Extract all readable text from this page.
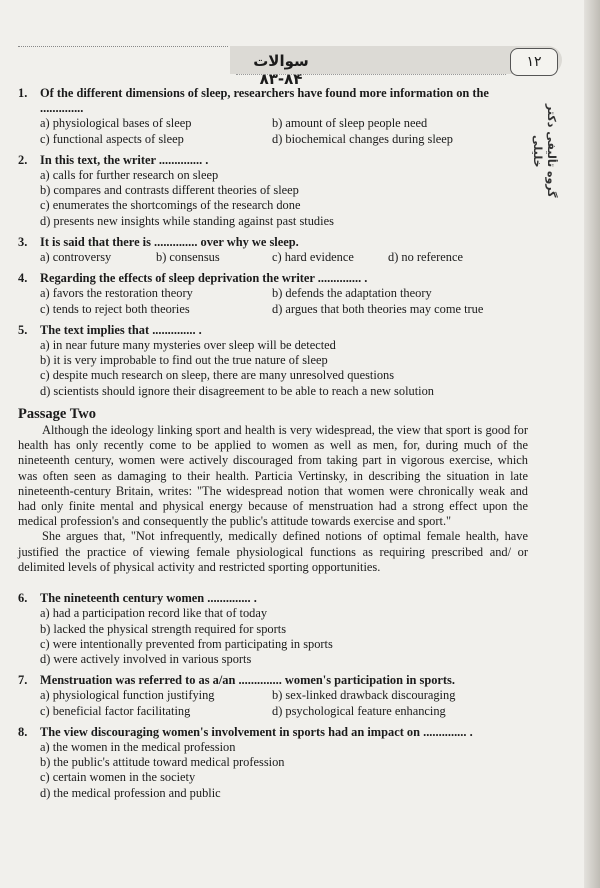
سوالات ۸۴-۸۳
۱۲
گروه تألیفی دکتر خلیلی
1.	Of the different dimensions of sleep, researchers have found more information on the
..............
a) physiological bases of sleep	b) amount of sleep people need
c) functional aspects of sleep	d) biochemical changes during sleep
2.	In this text, the writer .............. .
a) calls for further research on sleep
b) compares and contrasts different theories of sleep
c) enumerates the shortcomings of the research done
d) presents new insights while standing against past studies
3.	It is said that there is .............. over why we sleep.
a) controversy	b) consensus	c) hard evidence	d) no reference
4.	Regarding the effects of sleep deprivation the writer .............. .
a) favors the restoration theory	b) defends the adaptation theory
c) tends to reject both theories	d) argues that both theories may come true
5.	The text implies that .............. .
a) in near future many mysteries over sleep will be detected
b) it is very improbable to find out the true nature of sleep
c) despite much research on sleep, there are many unresolved questions
d) scientists should ignore their disagreement to be able to reach a new solution
Passage Two

Although the ideology linking sport and health is very widespread, the view that sport is good for health has only recently come to be applied to women as well as men, for, during much of the nineteenth century, women were actively discouraged from taking part in vigorous exercise, which was often seen as damaging to their health. Particia Vertinsky, in describing the situation in late nineteenth-century Britain, writes: "The widespread notion that women were chronically weak and had only finite mental and physical energy because of menstruation had a strong effect upon the medical profession's and consequently the public's attitude towards exercise and sport."

She argues that, "Not infrequently, medically defined notions of optimal female health, have justified the practice of viewing female physiological functions as requiring prescribed and/ or delimited levels of physical activity and restricted sporting opportunities.

6.	The nineteenth century women .............. .
a) had a participation record like that of today
b) lacked the physical strength required for sports
c) were intentionally prevented from participating in sports
d) were actively involved in various sports
7.	Menstruation was referred to as a/an .............. women's participation in sports.
a) physiological function justifying	b) sex-linked drawback discouraging
c) beneficial factor facilitating	d) psychological feature enhancing
8.	The view discouraging women's involvement in sports had an impact on .............. .
a) the women in the medical profession
b) the public's attitude toward medical profession
c) certain women in the society
d) the medical profession and public
